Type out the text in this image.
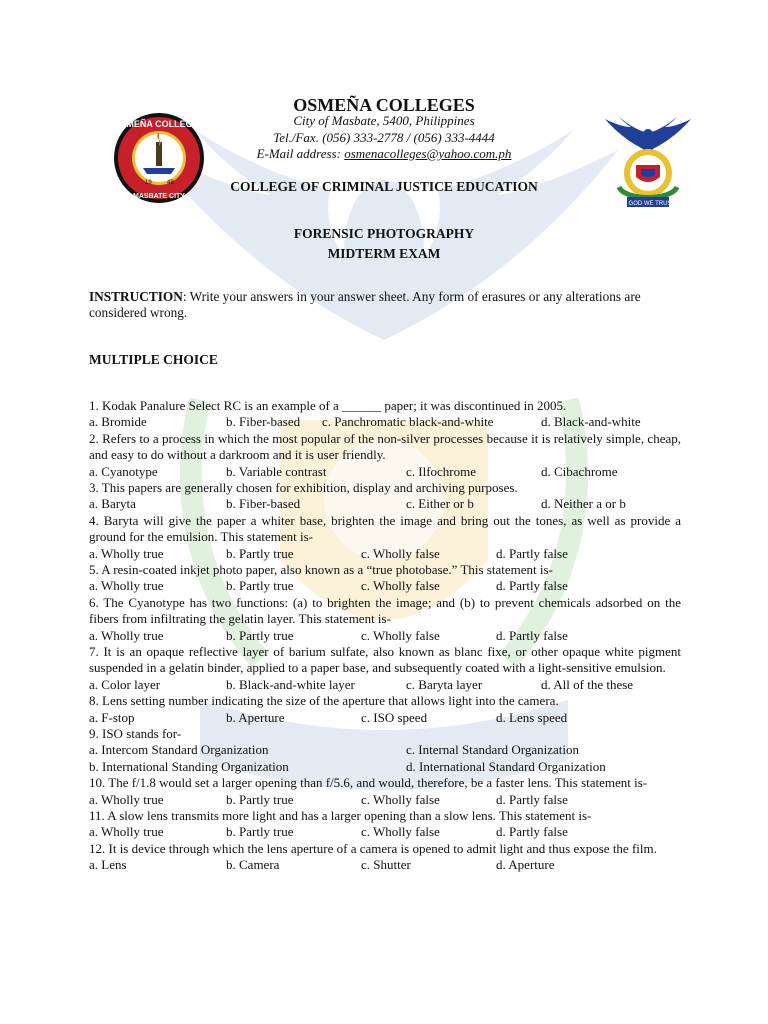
OSMEÑA COLLEGES
MASBATE CITY
19	48
IN GOD WE TRUST
OSMEÑA COLLEGES
City of Masbate, 5400, Philippines
Tel./Fax. (056) 333-2778 / (056) 333-4444
E-Mail address: osmenacolleges@yahoo.com.ph
COLLEGE OF CRIMINAL JUSTICE EDUCATION
FORENSIC PHOTOGRAPHY
MIDTERM EXAM
INSTRUCTION: Write your answers in your answer sheet. Any form of erasures or any alterations are considered wrong.
MULTIPLE CHOICE
1. Kodak Panalure Select RC is an example of a ______ paper; it was discontinued in 2005.
a. Bromide	b. Fiber-based c. Panchromatic black-and-white	d. Black-and-white
2. Refers to a process in which the most popular of the non-silver processes because it is relatively simple, cheap, and easy to do without a darkroom and it is user friendly.
a. Cyanotype	b. Variable contrast	c. Ilfochrome	d. Cibachrome
3. This papers are generally chosen for exhibition, display and archiving purposes.
a. Baryta	b. Fiber-based	c. Either or b	d. Neither a or b
4. Baryta will give the paper a whiter base, brighten the image and bring out the tones, as well as provide a ground for the emulsion. This statement is-
a. Wholly true	b. Partly true	c. Wholly false	d. Partly false
5. A resin-coated inkjet photo paper, also known as a “true photobase.” This statement is-
a. Wholly true	b. Partly true	c. Wholly false	d. Partly false
6. The Cyanotype has two functions: (a) to brighten the image; and (b) to prevent chemicals adsorbed on the fibers from infiltrating the gelatin layer. This statement is-
a. Wholly true	b. Partly true	c. Wholly false	d. Partly false
7. It is an opaque reflective layer of barium sulfate, also known as blanc fixe, or other opaque white pigment suspended in a gelatin binder, applied to a paper base, and subsequently coated with a light-sensitive emulsion.
a. Color layer	b. Black-and-white layer	c. Baryta layer	d. All of the these
8. Lens setting number indicating the size of the aperture that allows light into the camera.
a. F-stop	b. Aperture	c. ISO speed	d. Lens speed
9. ISO stands for-
a. Intercom Standard Organization	c. Internal Standard Organization
b. International Standing Organization	d. International Standard Organization
10. The f/1.8 would set a larger opening than f/5.6, and would, therefore, be a faster lens. This statement is-
a. Wholly true	b. Partly true	c. Wholly false	d. Partly false
11. A slow lens transmits more light and has a larger opening than a slow lens. This statement is-
a. Wholly true	b. Partly true	c. Wholly false	d. Partly false
12. It is device through which the lens aperture of a camera is opened to admit light and thus expose the film.
a. Lens	b. Camera	c. Shutter	d. Aperture
